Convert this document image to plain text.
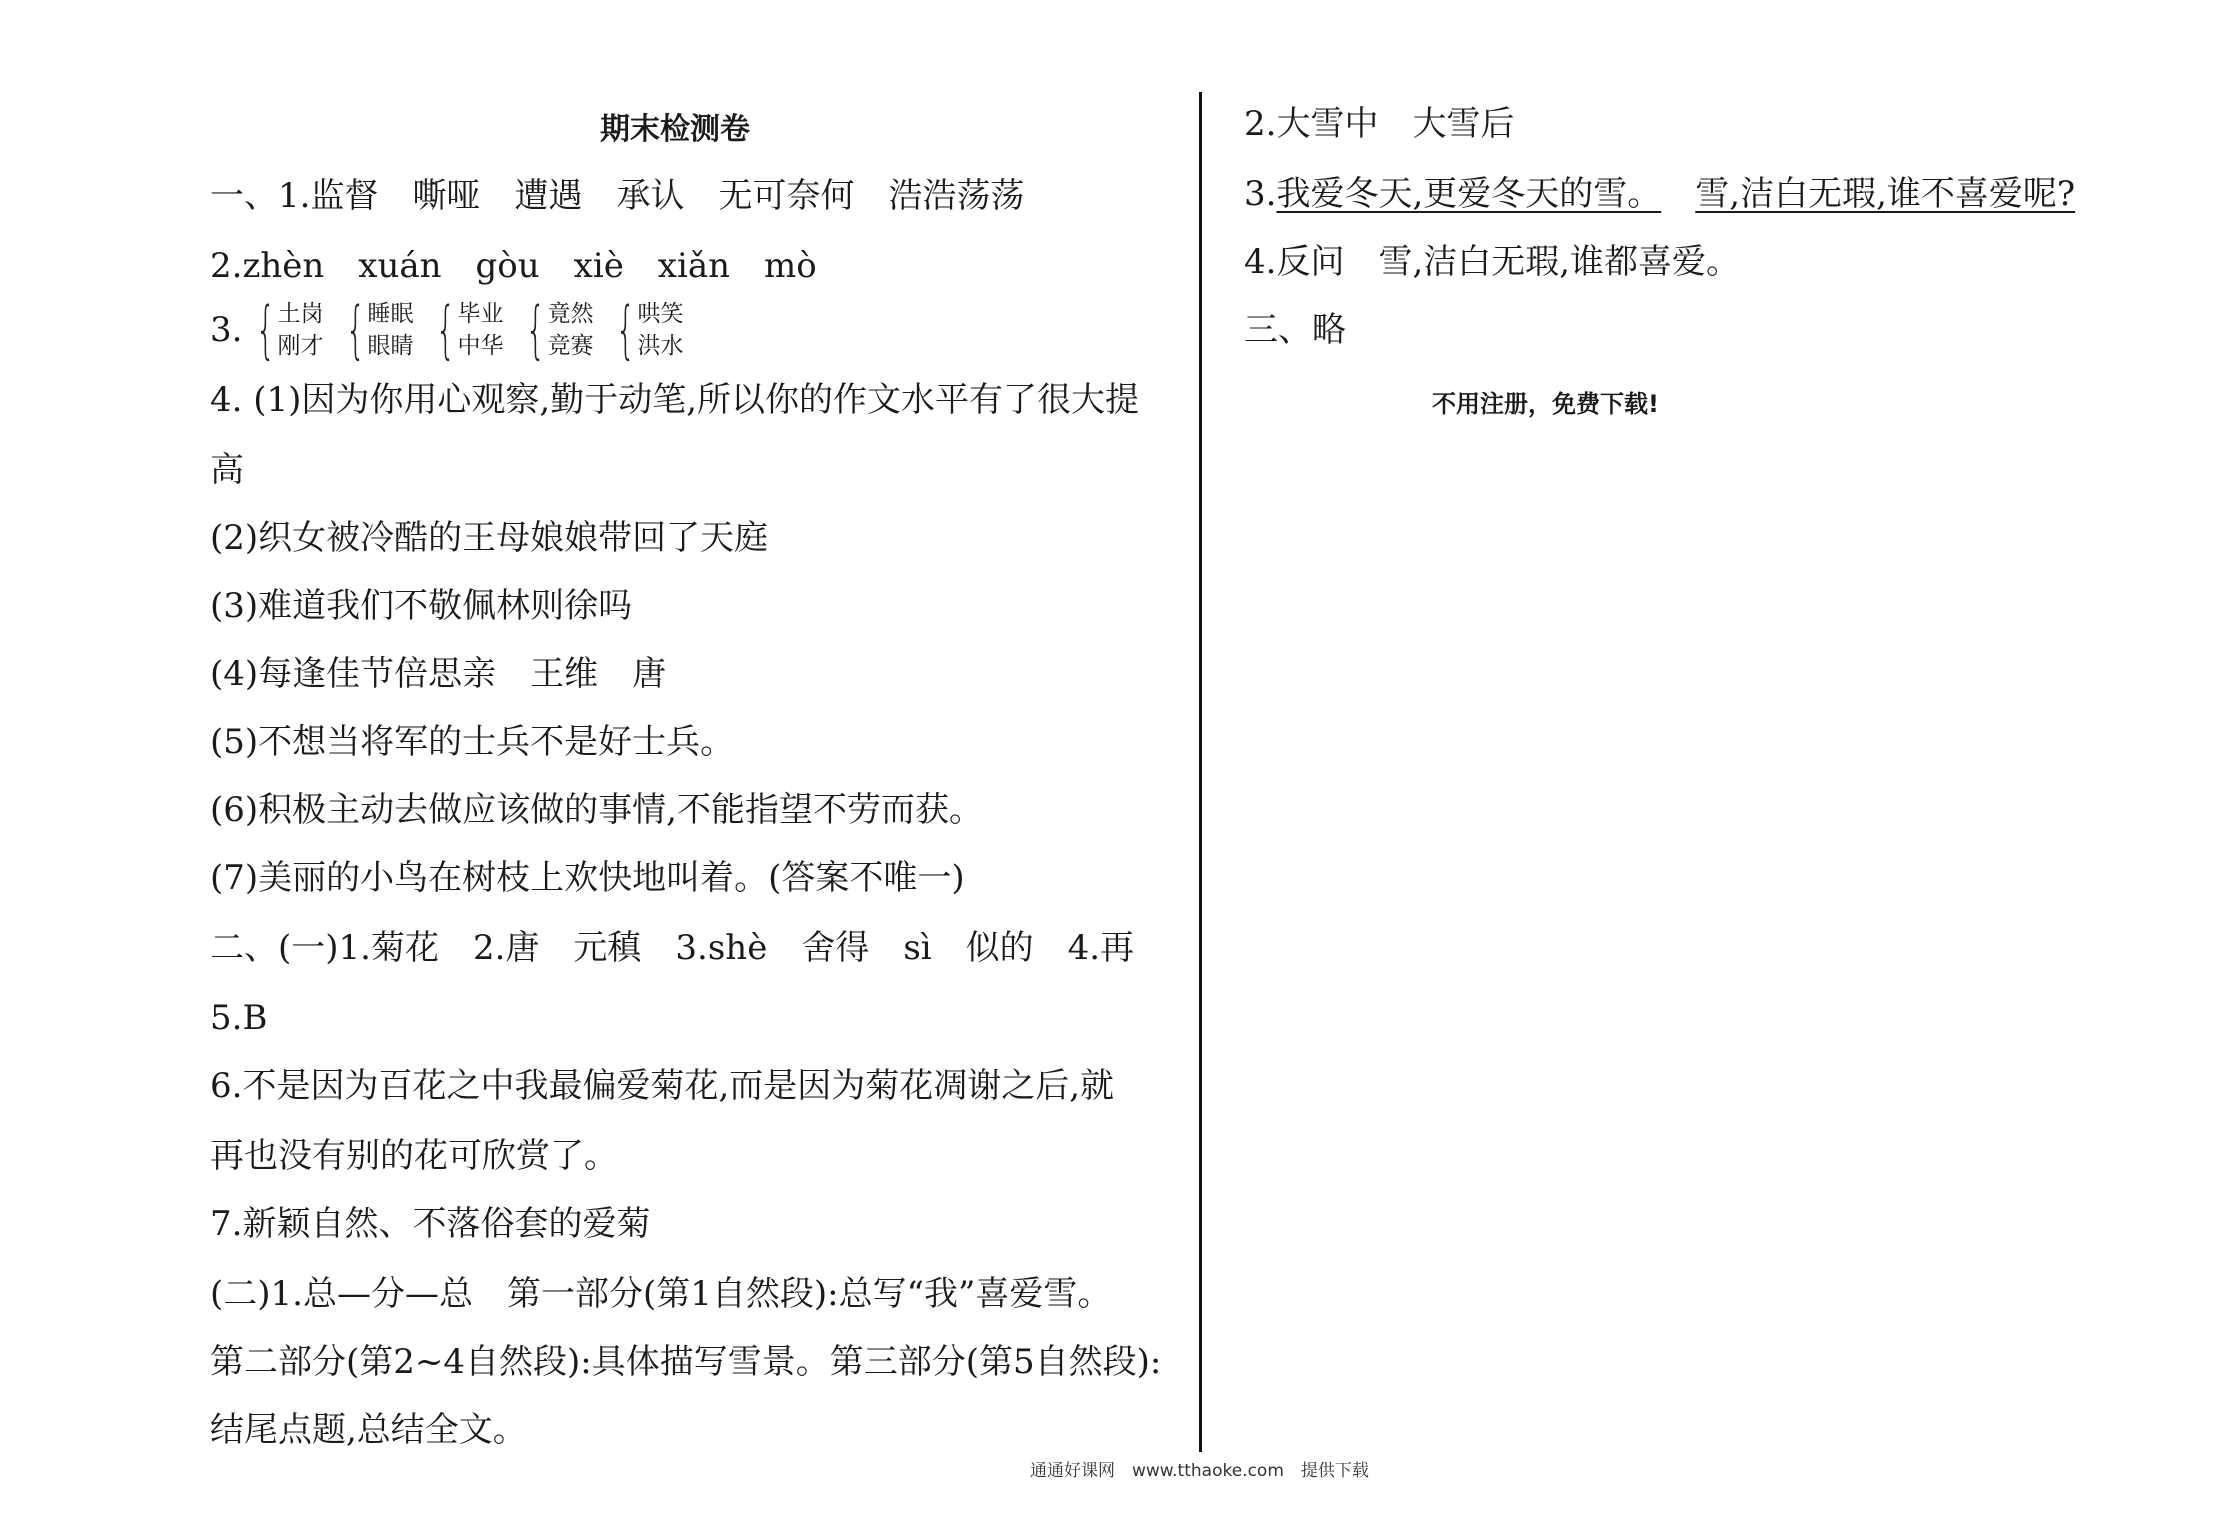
期末检测卷
一、1.监督　嘶哑　遭遇　承认　无可奈何　浩浩荡荡
2.zhèn　xuán　gòu　xiè　xiǎn　mò
3. { 土岗
刚才 { 睡眠
眼睛 { 毕业
中华 { 竟然
竞赛 { 哄笑
洪水
4. (1)因为你用心观察,勤于动笔,所以你的作文水平有了很大提
高
(2)织女被冷酷的王母娘娘带回了天庭
(3)难道我们不敬佩林则徐吗
(4)每逢佳节倍思亲　王维　唐
(5)不想当将军的士兵不是好士兵。
(6)积极主动去做应该做的事情,不能指望不劳而获。
(7)美丽的小鸟在树枝上欢快地叫着。(答案不唯一)
二、(一)1.菊花　2.唐　元稹　3.shè　舍得　sì　似的　4.再
5.B
6.不是因为百花之中我最偏爱菊花,而是因为菊花凋谢之后,就
再也没有别的花可欣赏了。
7.新颖自然、不落俗套的爱菊
(二)1.总—分—总　第一部分(第1自然段):总写“我”喜爱雪。
第二部分(第2~4自然段):具体描写雪景。第三部分(第5自然段):
结尾点题,总结全文。
2.大雪中　大雪后
3.我爱冬天,更爱冬天的雪。 雪,洁白无瑕,谁不喜爱呢?
4.反问　雪,洁白无瑕,谁都喜爱。
三、略
不用注册，免费下载!
通通好课网　www.tthaoke.com　提供下载
